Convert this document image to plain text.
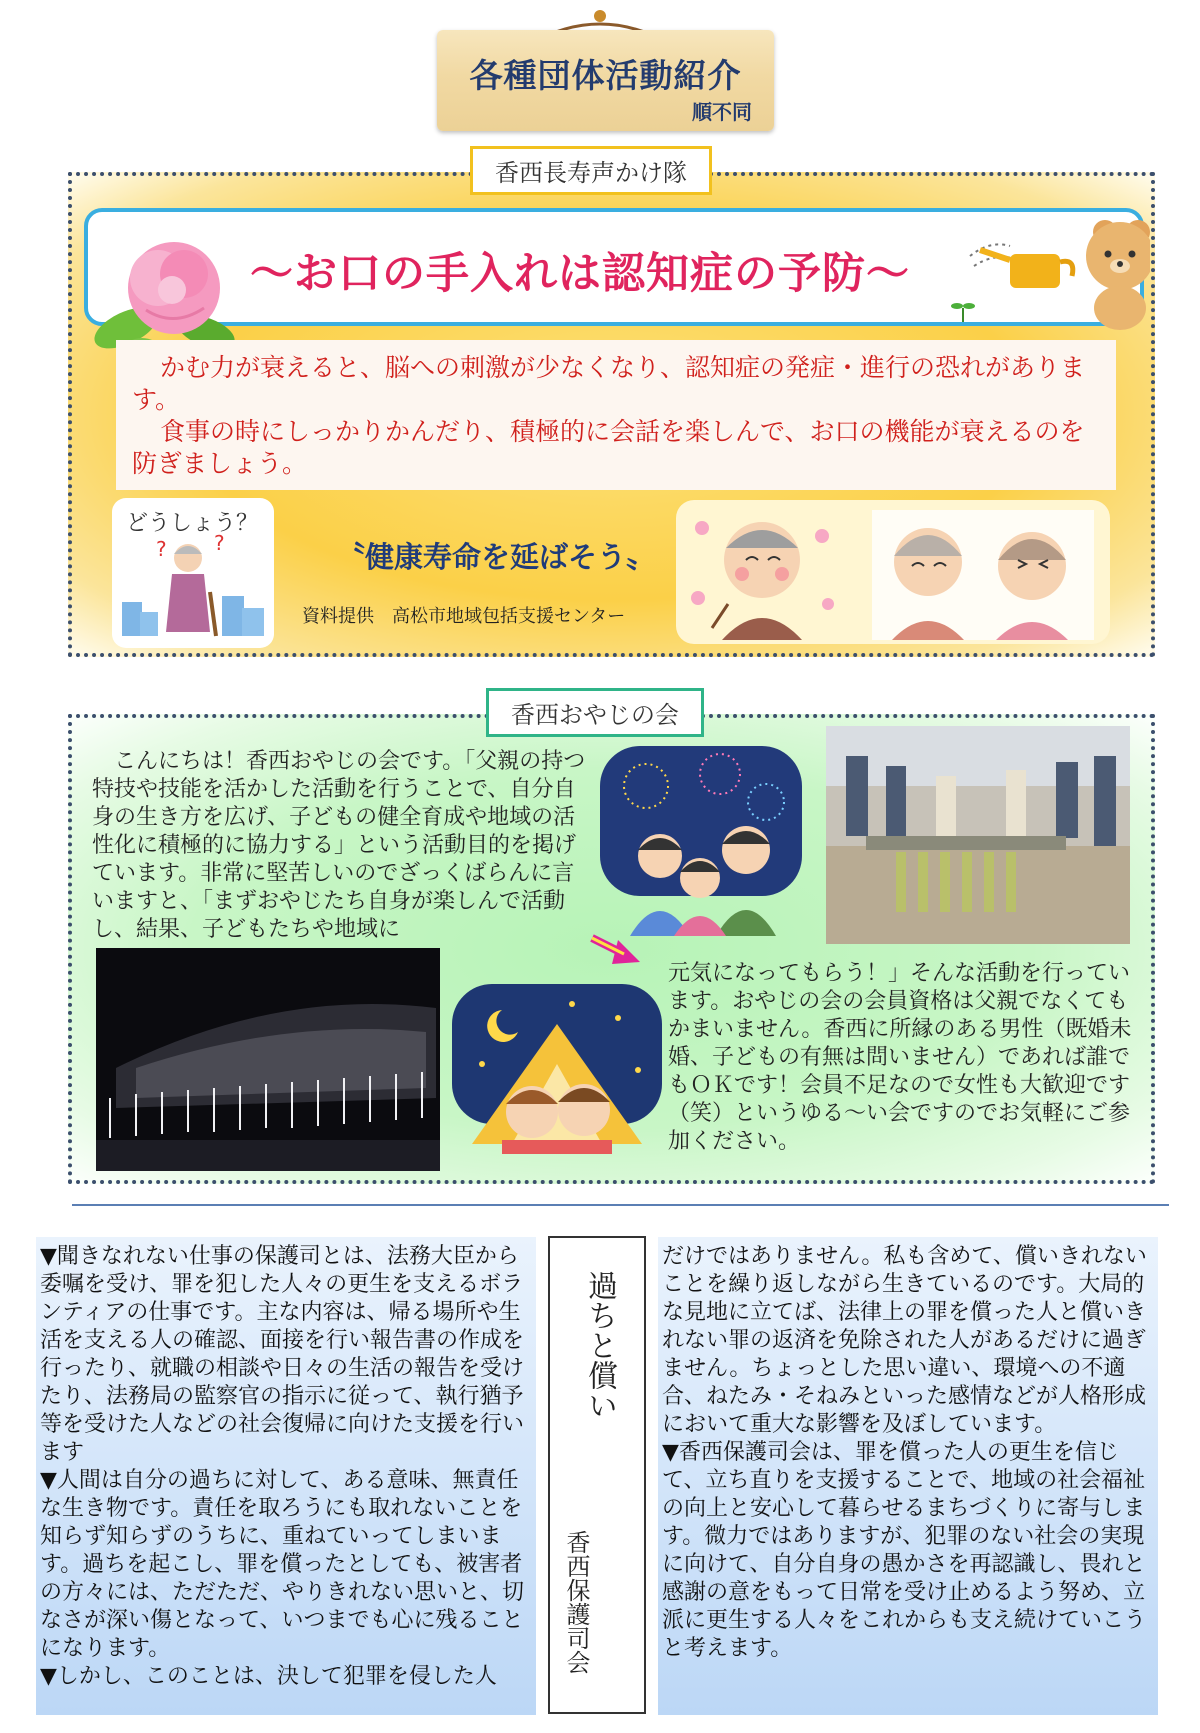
各種団体活動紹介
順不同
香西長寿声かけ隊
～お口の手入れは認知症の予防～

かむ力が衰えると、脳への刺激が少なくなり、認知症の発症・進行の恐れがあります。

食事の時にしっかりかんだり、積極的に会話を楽しんで、お口の機能が衰えるのを防ぎましょう。

どうしょう？
? ?	〝健康寿命を延ばそう〟
資料提供　高松市地域包括支援センター
香西おやじの会
こんにちは！香西おやじの会です。「父親の持つ特技や技能を活かした活動を行うことで、自分自身の生き方を広げ、子どもの健全育成や地域の活性化に積極的に協力する」という活動目的を掲げています。非常に堅苦しいのでざっくばらんに言いますと、「まずおやじたち自身が楽しんで活動し、結果、子どもたちや地域に
元気になってもらう！」そんな活動を行っています。おやじの会の会員資格は父親でなくてもかまいません。香西に所縁のある男性（既婚未婚、子どもの有無は問いません）であれば誰でもＯＫです！会員不足なので女性も大歓迎です（笑）というゆる～い会ですのでお気軽にご参加ください。

▼聞きなれない仕事の保護司とは、法務大臣から委嘱を受け、罪を犯した人々の更生を支えるボランティアの仕事です。主な内容は、帰る場所や生活を支える人の確認、面接を行い報告書の作成を行ったり、就職の相談や日々の生活の報告を受けたり、法務局の監察官の指示に従って、執行猶予等を受けた人などの社会復帰に向けた支援を行います

▼人間は自分の過ちに対して、ある意味、無責任な生き物です。責任を取ろうにも取れないことを知らず知らずのうちに、重ねていってしまいます。過ちを起こし、罪を償ったとしても、被害者の方々には、ただただ、やりきれない思いと、切なさが深い傷となって、いつまでも心に残ることになります。

▼しかし、このことは、決して犯罪を侵した人

過ちと償い
香西保護司会

だけではありません。私も含めて、償いきれないことを繰り返しながら生きているのです。大局的な見地に立てば、法律上の罪を償った人と償いきれない罪の返済を免除された人があるだけに過ぎません。ちょっとした思い違い、環境への不適合、ねたみ・そねみといった感情などが人格形成において重大な影響を及ぼしています。

▼香西保護司会は、罪を償った人の更生を信じて、立ち直りを支援することで、地域の社会福祉の向上と安心して暮らせるまちづくりに寄与します。微力ではありますが、犯罪のない社会の実現に向けて、自分自身の愚かさを再認識し、畏れと感謝の意をもって日常を受け止めるよう努め、立派に更生する人々をこれからも支え続けていこうと考えます。
